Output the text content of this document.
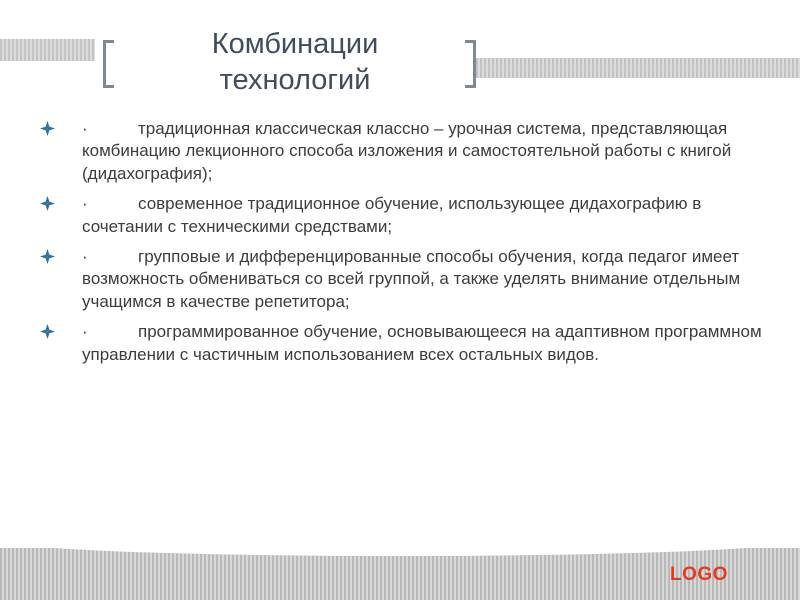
Комбинации
технологий
·	традиционная классическая классно – урочная система, представляющая комбинацию лекционного способа изложения и самостоятельной работы с книгой (дидахография);
·	современное традиционное обучение, использующее дидахографию в сочетании с техническими средствами;
·	групповые и дифференцированные способы обучения, когда педагог имеет возможность обмениваться со всей группой, а также уделять внимание отдельным учащимся в качестве репетитора;
·	программированное обучение, основывающееся на адаптивном программном управлении с частичным использованием всех остальных видов.
LOGO
